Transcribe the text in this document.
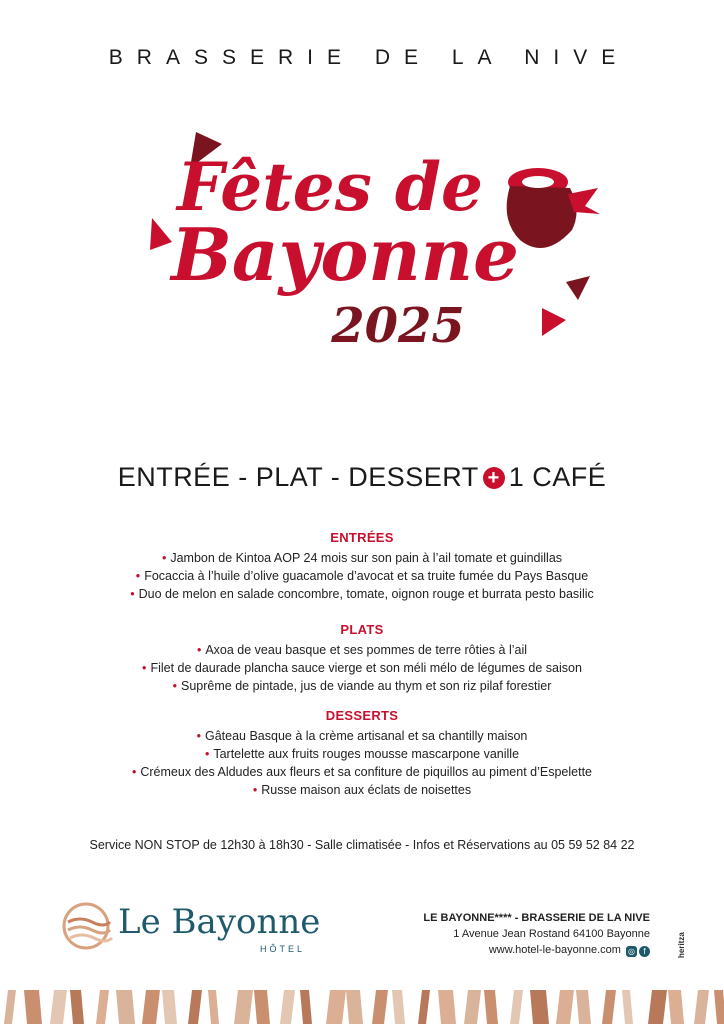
BRASSERIE DE LA NIVE
Fêtes de
Bayonne
2025
ENTRÉE - PLAT - DESSERT + 1 CAFÉ
ENTRÉES
• Jambon de Kintoa AOP 24 mois sur son pain à l’ail tomate et guindillas
• Focaccia à l’huile d’olive guacamole d’avocat et sa truite fumée du Pays Basque
• Duo de melon en salade concombre, tomate, oignon rouge et burrata pesto basilic
PLATS
• Axoa de veau basque et ses pommes de terre rôties à l’ail
• Filet de daurade plancha sauce vierge et son méli mélo de légumes de saison
• Suprême de pintade, jus de viande au thym et son riz pilaf forestier
DESSERTS
• Gâteau Basque à la crème artisanal et sa chantilly maison
• Tartelette aux fruits rouges mousse mascarpone vanille
• Crémeux des Aldudes aux fleurs et sa confiture de piquillos au piment d’Espelette
• Russe maison aux éclats de noisettes
Service NON STOP de 12h30 à 18h30 - Salle climatisée - Infos et Réservations au 05 59 52 84 22
Le Bayonne
HÔTEL
LE BAYONNE**** - BRASSERIE DE LA NIVE
1 Avenue Jean Rostand 64100 Bayonne
www.hotel-le-bayonne.com ◎ f	heritza
